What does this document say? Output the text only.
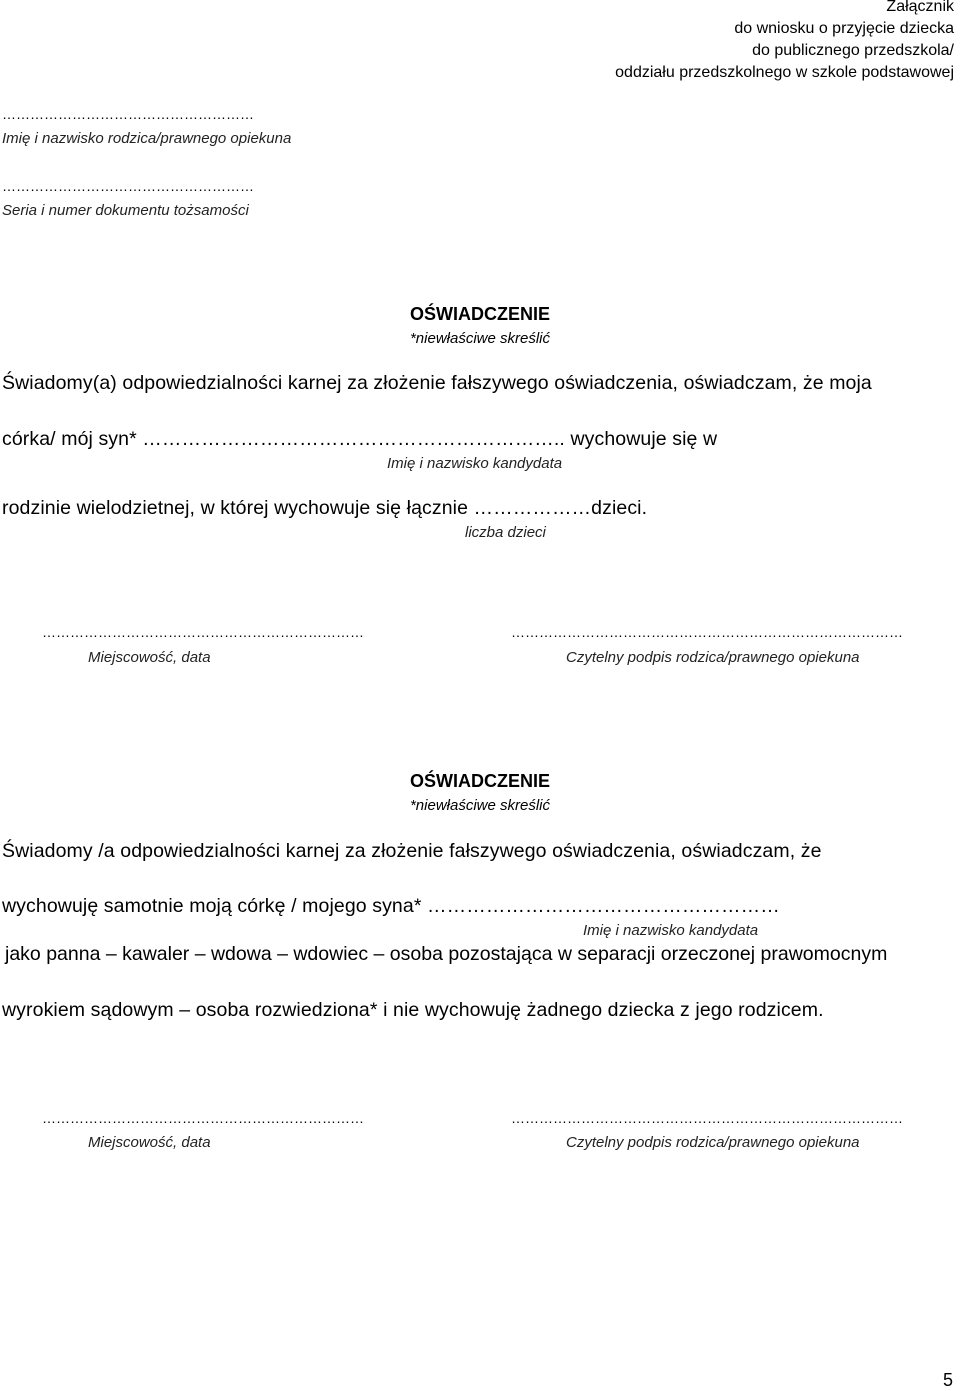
Załącznik
do wniosku o przyjęcie dziecka
do publicznego przedszkola/
oddziału przedszkolnego w szkole podstawowej
………………………………………………
Imię i nazwisko rodzica/prawnego opiekuna
………………………………………………
Seria i numer dokumentu tożsamości
OŚWIADCZENIE
*niewłaściwe skreślić
Świadomy(a) odpowiedzialności karnej za złożenie fałszywego oświadczenia, oświadczam, że moja
córka/ mój syn* ……………………………………………………….. wychowuje się w
Imię i nazwisko kandydata
rodzinie wielodzietnej, w której wychowuje się łącznie ………………dzieci.
liczba dzieci
……………………………………………………………
Miejscowość, data
…………………………………………………………………………
Czytelny podpis rodzica/prawnego opiekuna
OŚWIADCZENIE
*niewłaściwe skreślić
Świadomy /a odpowiedzialności karnej za złożenie fałszywego oświadczenia, oświadczam, że
wychowuję samotnie moją córkę / mojego syna* ………………………………………………
Imię i nazwisko kandydata
jako panna – kawaler – wdowa – wdowiec – osoba pozostająca w separacji orzeczonej prawomocnym
wyrokiem sądowym – osoba rozwiedziona* i nie wychowuję żadnego dziecka z jego rodzicem.
……………………………………………………………
Miejscowość, data
…………………………………………………………………………
Czytelny podpis rodzica/prawnego opiekuna
5
